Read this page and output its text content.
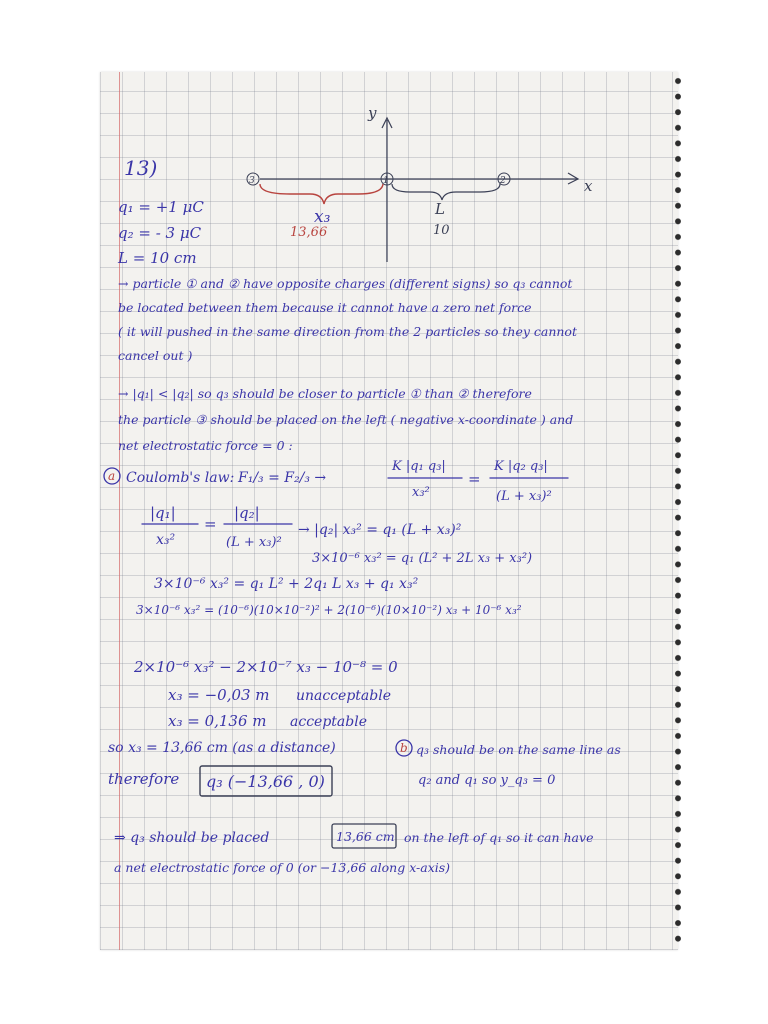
13)
q₁ = +1 μC
q₂ = - 3 μC
L = 10 cm
y
x
3	1	2
x₃
13,66
L
10
→ particle ① and ② have opposite charges (different signs) so q₃ cannot
be located between them because it cannot have a zero net force
( it will pushed in the same direction from the 2 particles so they cannot
cancel out )
→ |q₁| < |q₂| so q₃ should be closer to particle ① than ② therefore
the particle ③ should be placed on the left ( negative x-coordinate ) and
net electrostatic force = 0 :
a Coulomb's law: F₁/₃ = F₂/₃ →
K |q₁ q₃|
x₃²
=
K |q₂ q₃|
(L + x₃)²
|q₁|
x₃²
=
|q₂|
(L + x₃)²
→ |q₂| x₃² = q₁ (L + x₃)²
3×10⁻⁶ x₃² = q₁ (L² + 2L x₃ + x₃²)
3×10⁻⁶ x₃² = q₁ L² + 2q₁ L x₃ + q₁ x₃²
3×10⁻⁶ x₃² = (10⁻⁶)(10×10⁻²)² + 2(10⁻⁶)(10×10⁻²) x₃ + 10⁻⁶ x₃²
2×10⁻⁶ x₃² − 2×10⁻⁷ x₃ − 10⁻⁸ = 0
x₃ = −0,03 m unacceptable
x₃ = 0,136 m acceptable
so x₃ = 13,66 cm (as a distance)
therefore q₃ (−13,66 , 0)
b q₃ should be on the same line as
q₂ and q₁ so y_q₃ = 0
⇒ q₃ should be placed	13,66 cm on the left of q₁ so it can have
a net electrostatic force of 0 (or −13,66 along x-axis)
